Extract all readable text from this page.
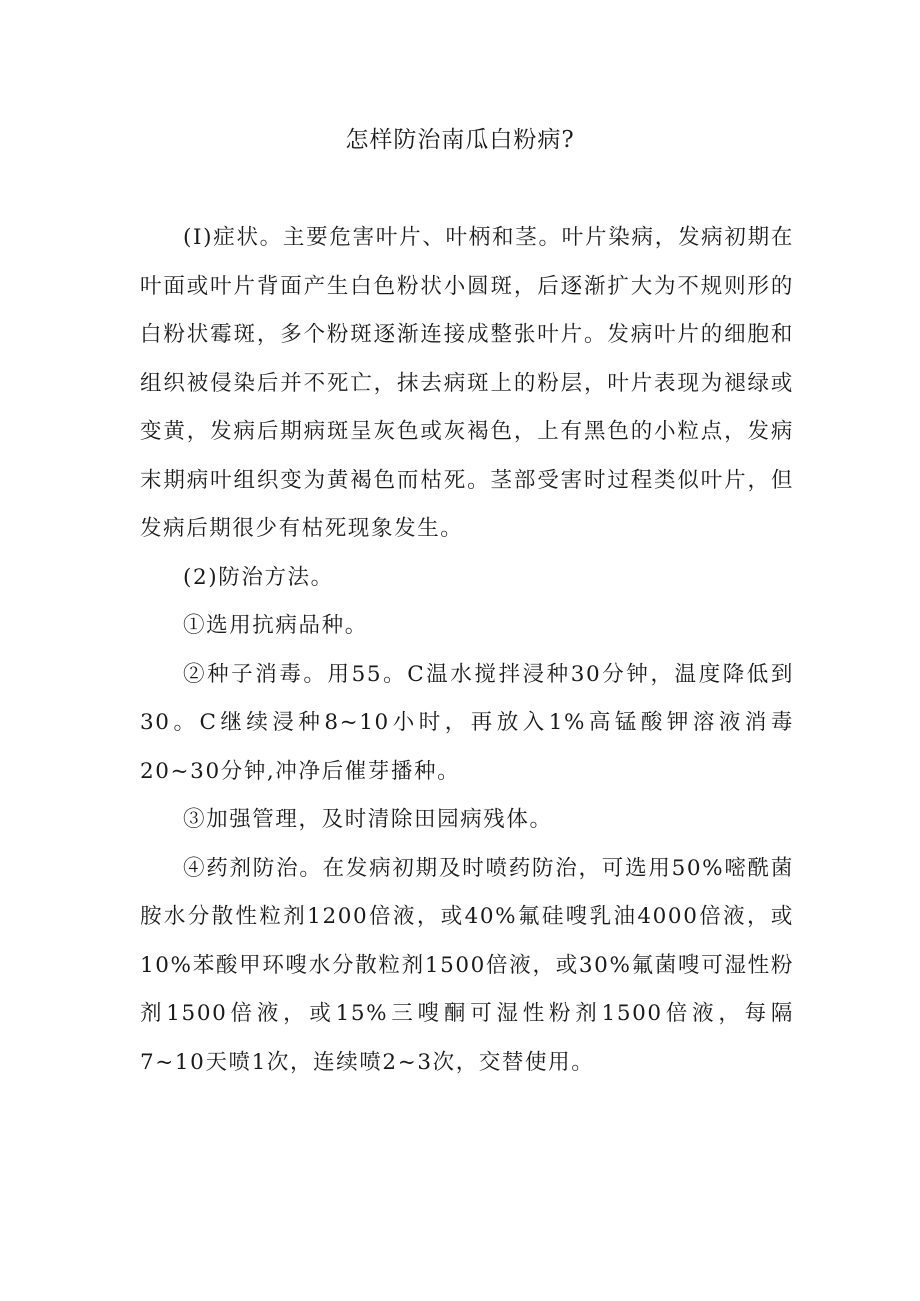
怎样防治南瓜白粉病?

(I)症状。主要危害叶片、叶柄和茎。叶片染病，发病初期在叶面或叶片背面产生白色粉状小圆斑，后逐渐扩大为不规则形的白粉状霉斑，多个粉斑逐渐连接成整张叶片。发病叶片的细胞和组织被侵染后并不死亡，抹去病斑上的粉层，叶片表现为褪绿或变黄，发病后期病斑呈灰色或灰褐色，上有黑色的小粒点，发病末期病叶组织变为黄褐色而枯死。茎部受害时过程类似叶片，但发病后期很少有枯死现象发生。

(2)防治方法。

①选用抗病品种。

②种子消毒。用55。C温水搅拌浸种30分钟，温度降低到30。C继续浸种8~10小时，再放入1%高锰酸钾溶液消毒20~30分钟,冲净后催芽播种。

③加强管理，及时清除田园病残体。

④药剂防治。在发病初期及时喷药防治，可选用50%嘧酰菌胺水分散性粒剂1200倍液，或40%氟硅嗖乳油4000倍液，或10%苯酸甲环嗖水分散粒剂1500倍液，或30%氟菌嗖可湿性粉剂1500倍液，或15%三嗖酮可湿性粉剂1500倍液，每隔7~10天喷1次，连续喷2~3次，交替使用。
